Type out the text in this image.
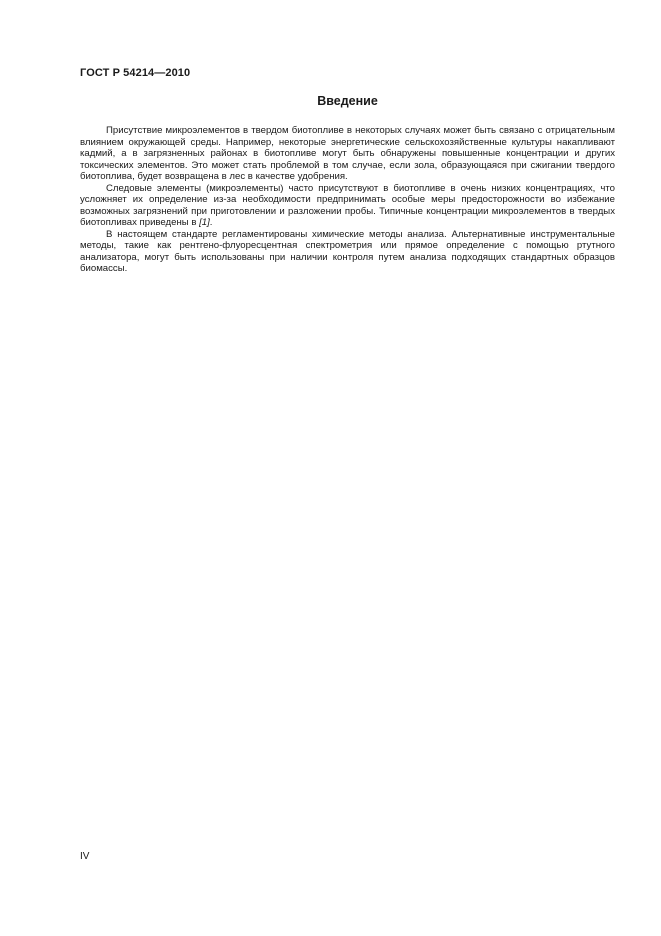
ГОСТ Р 54214—2010
Введение

Присутствие микроэлементов в твердом биотопливе в некоторых случаях может быть связано с отрицательным влиянием окружающей среды. Например, некоторые энергетические сельскохозяйственные культуры накапливают кадмий, а в загрязненных районах в биотопливе могут быть обнаружены повышенные концентрации и других токсических элементов. Это может стать проблемой в том случае, если зола, образующаяся при сжигании твердого биотоплива, будет возвращена в лес в качестве удобрения.

Следовые элементы (микроэлементы) часто присутствуют в биотопливе в очень низких концентрациях, что усложняет их определение из-за необходимости предпринимать особые меры предосторожности во избежание возможных загрязнений при приготовлении и разложении пробы. Типичные концентрации микроэлементов в твердых биотопливах приведены в [1].

В настоящем стандарте регламентированы химические методы анализа. Альтернативные инструментальные методы, такие как рентгено-флуоресцентная спектрометрия или прямое определение с помощью ртутного анализатора, могут быть использованы при наличии контроля путем анализа подходящих стандартных образцов биомассы.

IV
